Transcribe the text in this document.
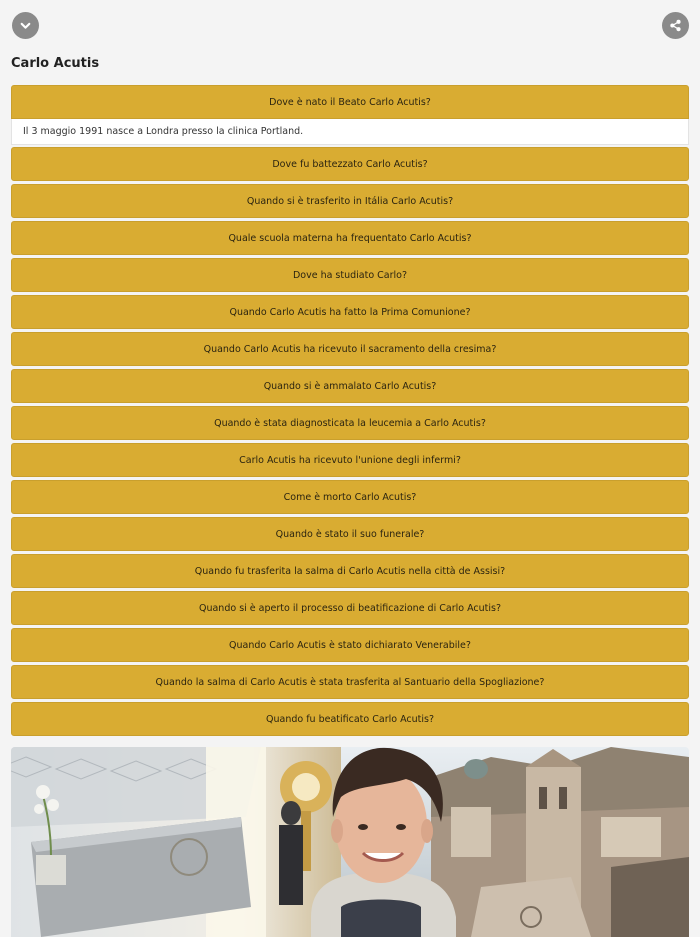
Carlo Acutis
Dove è nato il Beato Carlo Acutis?
Il 3 maggio 1991 nasce a Londra presso la clinica Portland.
Dove fu battezzato Carlo Acutis?
Quando si è trasferito in Itália Carlo Acutis?
Quale scuola materna ha frequentato Carlo Acutis?
Dove ha studiato Carlo?
Quando Carlo Acutis ha fatto la Prima Comunione?
Quando Carlo Acutis ha ricevuto il sacramento della cresima?
Quando si è ammalato Carlo Acutis?
Quando è stata diagnosticata la leucemia a Carlo Acutis?
Carlo Acutis ha ricevuto l'unione degli infermi?
Come è morto Carlo Acutis?
Quando è stato il suo funerale?
Quando fu trasferita la salma di Carlo Acutis nella città de Assisi?
Quando si è aperto il processo di beatificazione di Carlo Acutis?
Quando Carlo Acutis è stato dichiarato Venerabile?
Quando la salma di Carlo Acutis è stata trasferita al Santuario della Spogliazione?
Quando fu beatificato Carlo Acutis?
